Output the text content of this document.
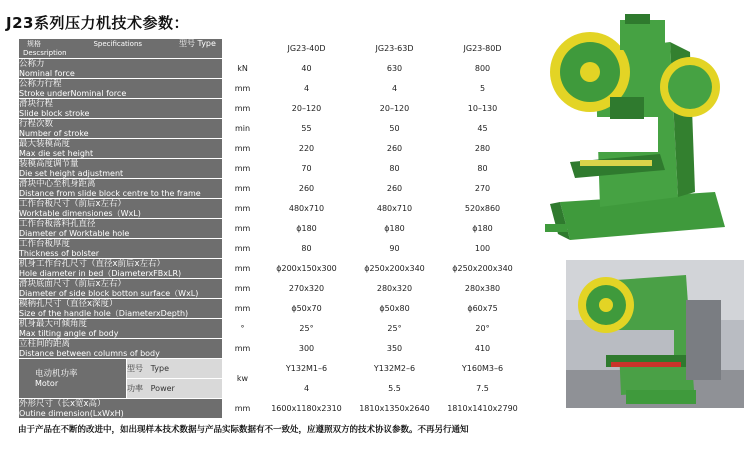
J23系列压力机技术参数：
规格 Specifications 型号 Type
Descsription			JG23-40D	JG23-63D	JG23-80D

公称力
Nominal force		kN	40	630	800

公称力行程
Stroke underNominal force		mm	4	4	5

滑块行程
Slide block stroke		mm	20–120	20–120	10–130

行程次数
Number of stroke		min	55	50	45

最大装模高度
Max die set height		mm	220	260	280

装模高度调节量
Die set height adjustment		mm	70	80	80

滑块中心至机身距离
Distance from slide block centre to the frame		mm	260	260	270

工作台板尺寸（前后x左右）
Worktable dimensiones（WxL)		mm	480x710	480x710	520x860

工作台板落料孔直径
Diameter of Worktable hole		mm	ϕ180	ϕ180	ϕ180

工作台板厚度
Thickness of bolster		mm	80	90	100

机身工作台孔尺寸（直径x前后x左右）
Hole diameter in bed（DiameterxFBxLR)		mm	ϕ200x150x300	ϕ250x200x340	ϕ250x200x340

滑块底面尺寸（前后x左右）
Diameter of side block botton surface（WxL)		mm	270x320	280x320	280x380

模柄孔尺寸（直径x深度）
Size of the handle hole（DiameterxDepth)		mm	ϕ50x70	ϕ50x80	ϕ60x75

机身最大可倾角度
Max tilting angle of body		°	25°	25°	20°

立柱间的距离
Distance between columns of body		mm	300	350	410

电动机功率
Motor	型号 Type	kw	Y132M1–6	Y132M2–6	Y160M3–6
	功率 Power		4	5.5	7.5

外形尺寸（长x宽x高）
Outine dimension(LxWxH)		mm	1600x1180x2310	1810x1350x2640	1810x1410x2790
由于产品在不断的改进中，如出现样本技术数据与产品实际数据有不一致处，应遵照双方的技术协议参数。不再另行通知
